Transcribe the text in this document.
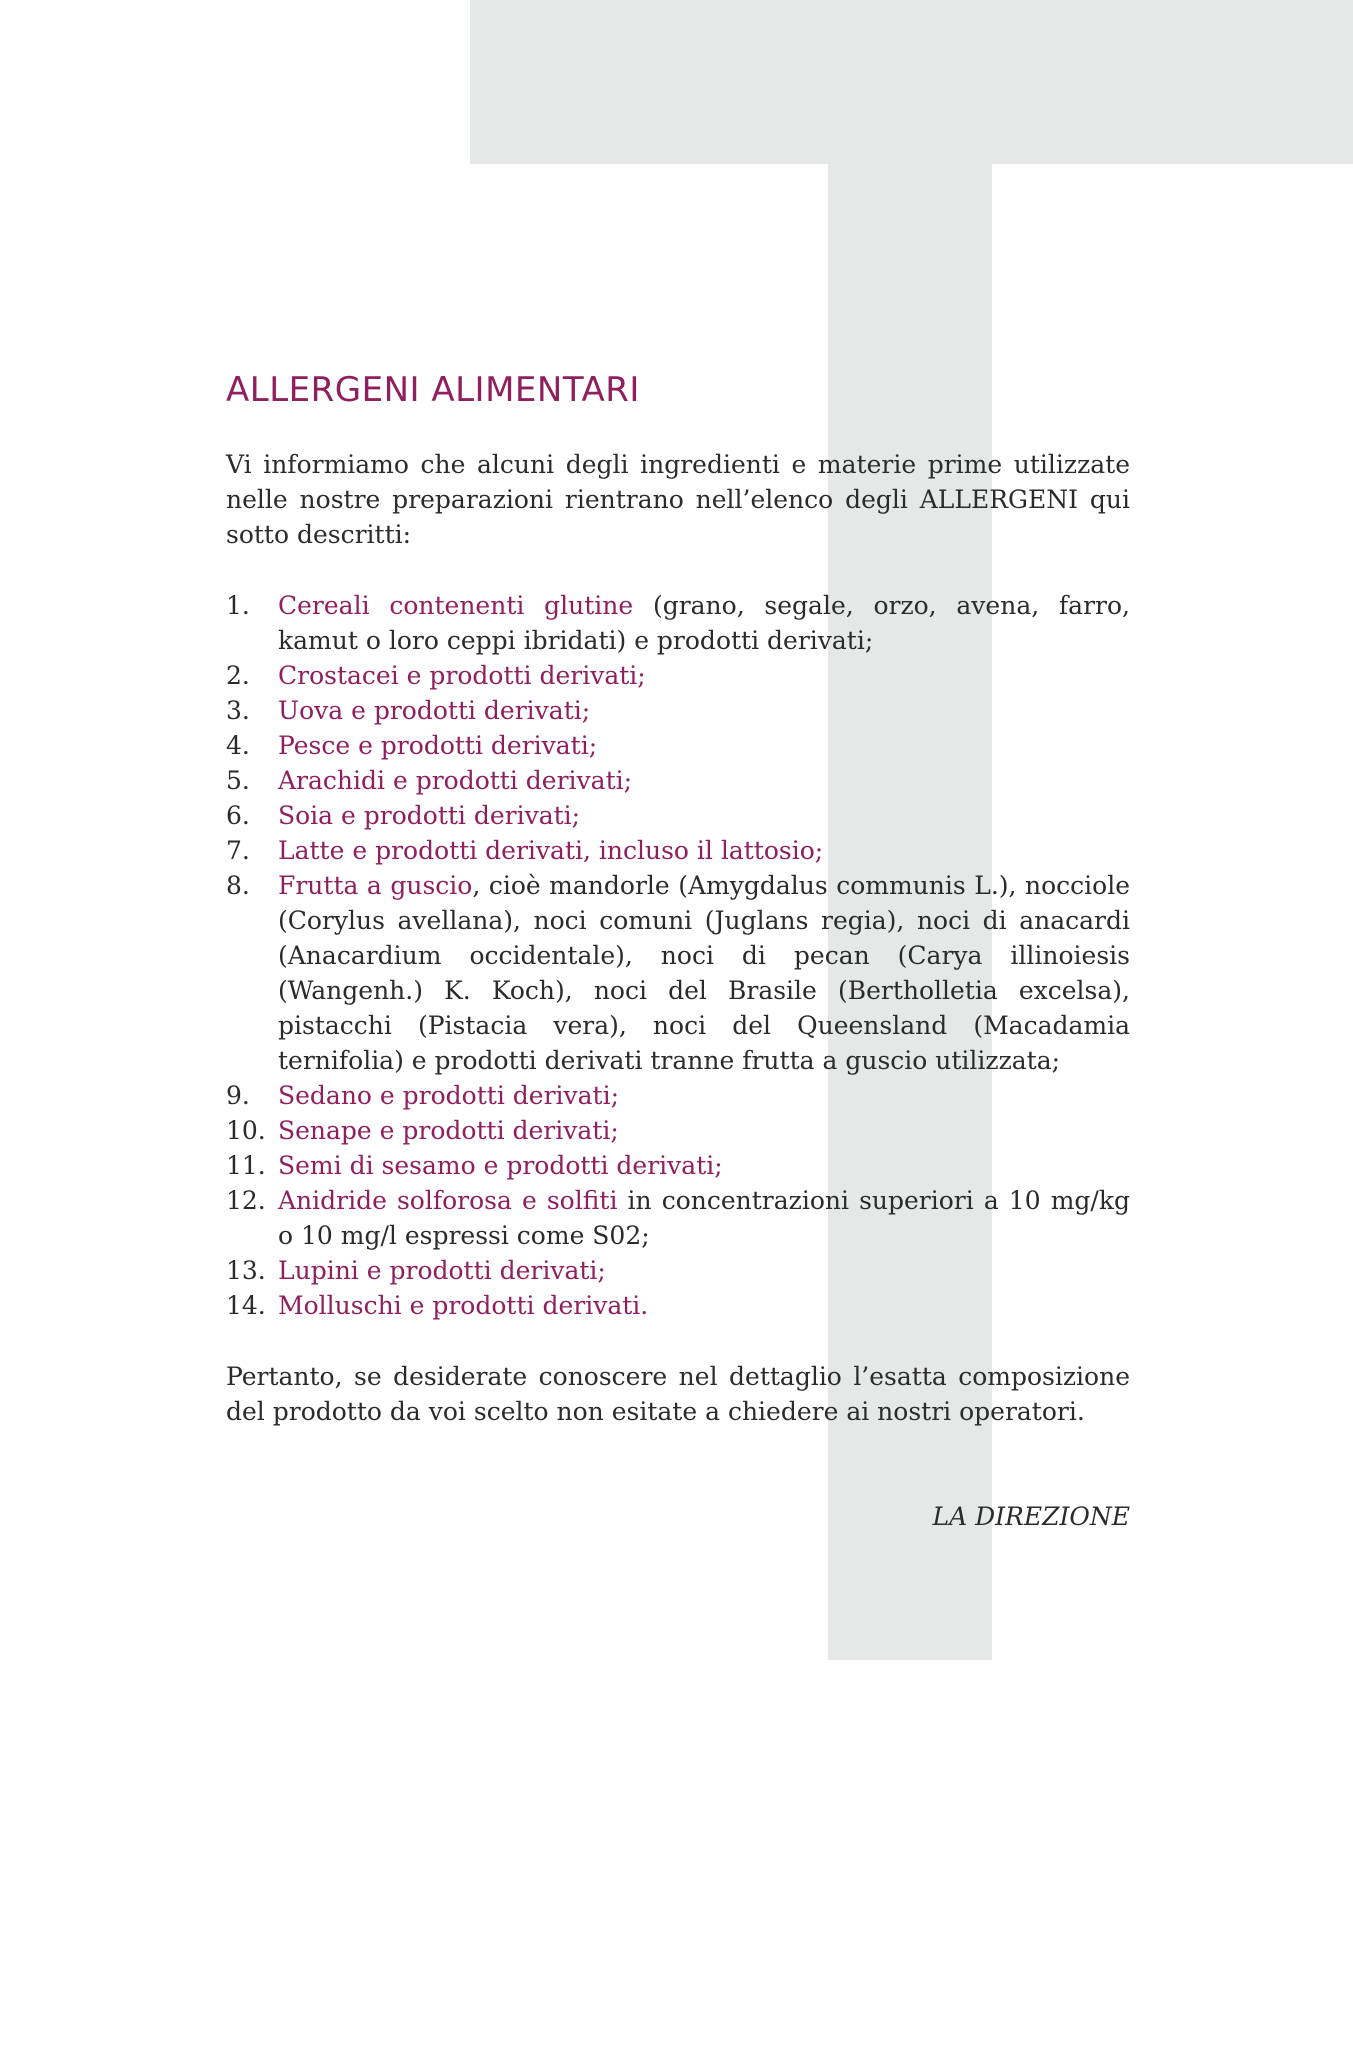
ALLERGENI ALIMENTARI

Vi informiamo che alcuni degli ingredienti e materie prime utilizzate nelle nostre preparazioni rientrano nell’elenco degli ALLERGENI qui sotto descritti:

1.	Cereali contenenti glutine (grano, segale, orzo, avena, farro, kamut o loro ceppi ibridati) e prodotti derivati;
2.	Crostacei e prodotti derivati;
3.	Uova e prodotti derivati;
4.	Pesce e prodotti derivati;
5.	Arachidi e prodotti derivati;
6.	Soia e prodotti derivati;
7.	Latte e prodotti derivati, incluso il lattosio;
8.	Frutta a guscio, cioè mandorle (Amygdalus communis L.), nocciole (Corylus avellana), noci comuni (Juglans regia), noci di anacardi (Anacardium occidentale), noci di pecan (Carya illinoiesis (Wangenh.) K. Koch), noci del Brasile (Bertholletia excelsa), pistacchi (Pistacia vera), noci del Queensland (Macadamia ternifolia) e prodotti derivati tranne frutta a guscio utilizzata;
9.	Sedano e prodotti derivati;
10. Senape e prodotti derivati;
11. Semi di sesamo e prodotti derivati;
12. Anidride solforosa e solfiti in concentrazioni superiori a 10 mg/kg o 10 mg/l espressi come S02;
13. Lupini e prodotti derivati;
14. Molluschi e prodotti derivati.

Pertanto, se desiderate conoscere nel dettaglio l’esatta composizione del prodotto da voi scelto non esitate a chiedere ai nostri operatori.

LA DIREZIONE
